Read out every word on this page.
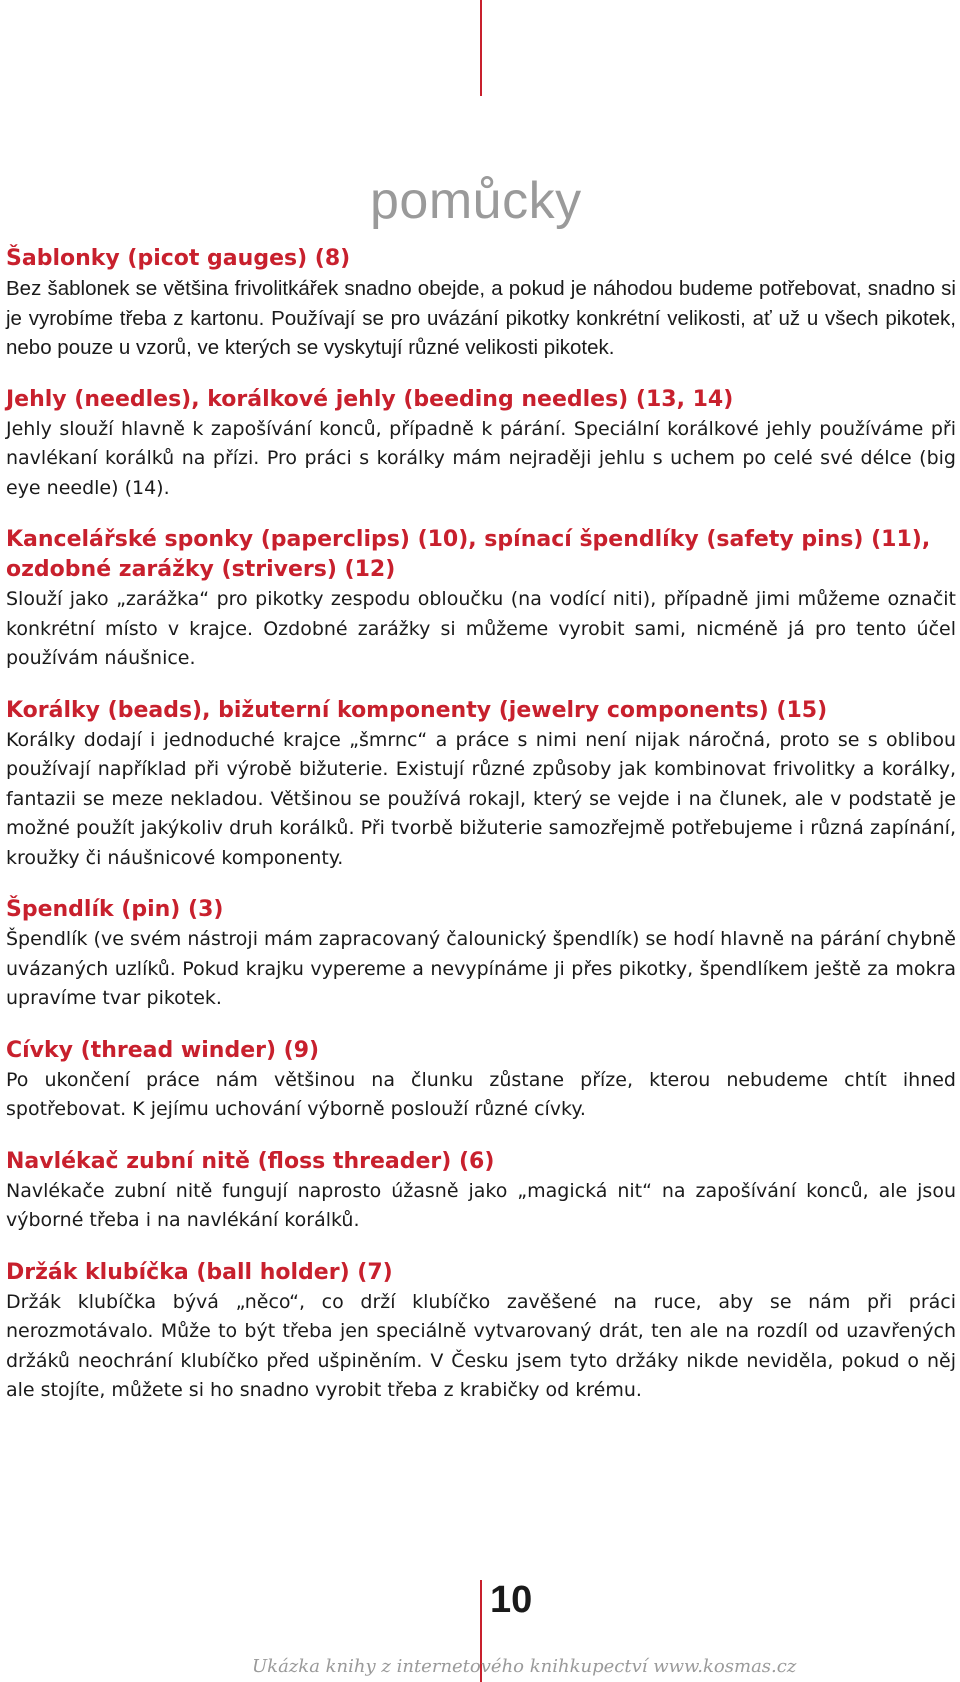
pomůcky
Šablonky (picot gauges) (8)

Bez šablonek se většina frivolitkářek snadno obejde, a pokud je náhodou budeme potřebovat, snadno si je vyrobíme třeba z kartonu. Používají se pro uvázání pikotky konkrétní velikosti, ať už u všech pikotek, nebo pouze u vzorů, ve kterých se vyskytují různé velikosti pikotek.

Jehly (needles), korálkové jehly (beeding needles) (13, 14)

Jehly slouží hlavně k zapošívání konců, případně k párání. Speciální korálkové jehly používáme při navlékaní korálků na přízi. Pro práci s korálky mám nejraději jehlu s uchem po celé své délce (big eye needle) (14).

Kancelářské sponky (paperclips) (10), spínací špendlíky (safety pins) (11), ozdobné zarážky (strivers) (12)

Slouží jako „zarážka“ pro pikotky zespodu obloučku (na vodící niti), případně jimi můžeme označit konkrétní místo v krajce. Ozdobné zarážky si můžeme vyrobit sami, nicméně já pro tento účel používám náušnice.

Korálky (beads), bižuterní komponenty (jewelry components) (15)

Korálky dodají i jednoduché krajce „šmrnc“ a práce s nimi není nijak náročná, proto se s oblibou používají například při výrobě bižuterie. Existují různé způsoby jak kombinovat frivolitky a korálky, fantazii se meze nekladou. Většinou se používá rokajl, který se vejde i na člunek, ale v podstatě je možné použít jakýkoliv druh korálků. Při tvorbě bižuterie samozřejmě potřebujeme i různá zapínání, kroužky či náušnicové komponenty.

Špendlík (pin) (3)

Špendlík (ve svém nástroji mám zapracovaný čalounický špendlík) se hodí hlavně na párání chybně uvázaných uzlíků. Pokud krajku vypereme a nevypínáme ji přes pikotky, špendlíkem ještě za mokra upravíme tvar pikotek.

Cívky (thread winder) (9)

Po ukončení práce nám většinou na člunku zůstane příze, kterou nebudeme chtít ihned spotřebovat. K jejímu uchování výborně poslouží různé cívky.

Navlékač zubní nitě (floss threader) (6)

Navlékače zubní nitě fungují naprosto úžasně jako „magická nit“ na zapošívání konců, ale jsou výborné třeba i na navlékání korálků.

Držák klubíčka (ball holder) (7)

Držák klubíčka bývá „něco“, co drží klubíčko zavěšené na ruce, aby se nám při práci nerozmotávalo. Může to být třeba jen speciálně vytvarovaný drát, ten ale na rozdíl od uzavřených držáků neochrání klubíčko před ušpiněním. V Česku jsem tyto držáky nikde neviděla, pokud o něj ale stojíte, můžete si ho snadno vyrobit třeba z krabičky od krému.

10
Ukázka knihy z internetového knihkupectví www.kosmas.cz
